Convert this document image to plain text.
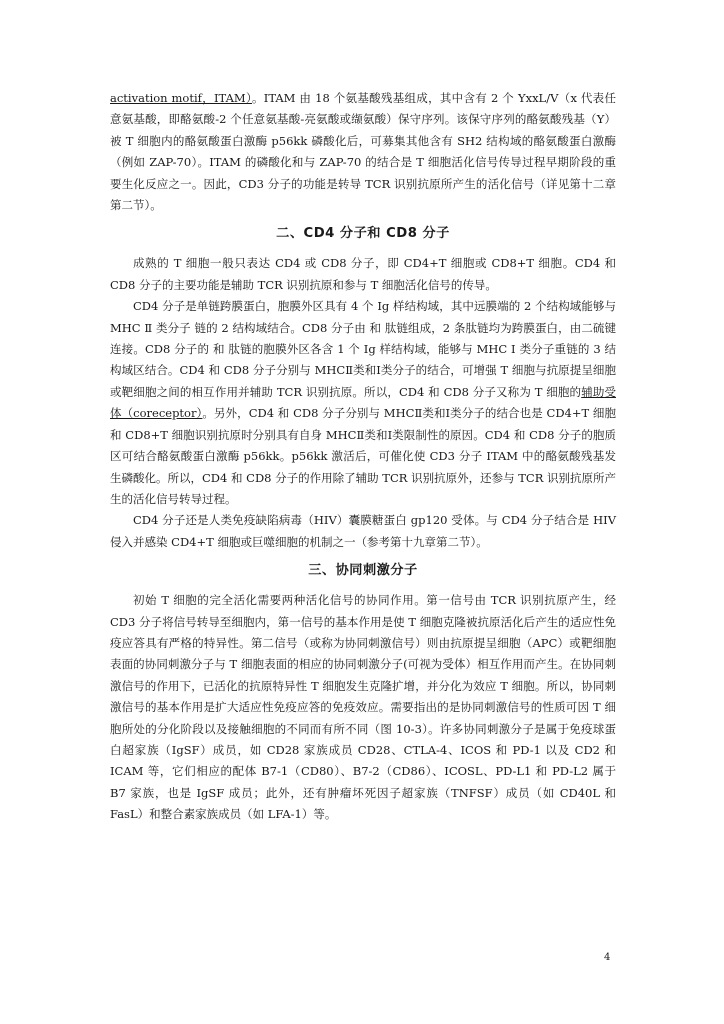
activation motif，ITAM）。ITAM 由 18 个氨基酸残基组成，其中含有 2 个 YxxL/V（x 代表任意氨基酸，即酪氨酸-2 个任意氨基酸-亮氨酸或缬氨酸）保守序列。该保守序列的酪氨酸残基（Y）被 T 细胞内的酪氨酸蛋白激酶 p56kk 磷酸化后，可募集其他含有 SH2 结构域的酪氨酸蛋白激酶（例如 ZAP-70）。ITAM 的磷酸化和与 ZAP-70 的结合是 T 细胞活化信号传导过程早期阶段的重要生化反应之一。因此，CD3 分子的功能是转导 TCR 识别抗原所产生的活化信号（详见第十二章第二节）。

二、CD4 分子和 CD8 分子

成熟的 T 细胞一般只表达 CD4 或 CD8 分子，即 CD4+T 细胞或 CD8+T 细胞。CD4 和 CD8 分子的主要功能是辅助 TCR 识别抗原和参与 T 细胞活化信号的传导。

CD4 分子是单链跨膜蛋白，胞膜外区具有 4 个 Ig 样结构域，其中远膜端的 2 个结构域能够与 MHC Ⅱ 类分子 链的 2 结构域结合。CD8 分子由 和 肽链组成，2 条肽链均为跨膜蛋白，由二硫键连接。CD8 分子的 和 肽链的胞膜外区各含 1 个 Ig 样结构域，能够与 MHC Ⅰ 类分子重链的 3 结构域区结合。CD4 和 CD8 分子分别与 MHCⅡ类和Ⅰ类分子的结合，可增强 T 细胞与抗原提呈细胞或靶细胞之间的相互作用并辅助 TCR 识别抗原。所以，CD4 和 CD8 分子又称为 T 细胞的辅助受体（coreceptor）。另外，CD4 和 CD8 分子分别与 MHCⅡ类和Ⅰ类分子的结合也是 CD4+T 细胞和 CD8+T 细胞识别抗原时分别具有自身 MHCⅡ类和Ⅰ类限制性的原因。CD4 和 CD8 分子的胞质区可结合酪氨酸蛋白激酶 p56kk。p56kk 激活后，可催化使 CD3 分子 ITAM 中的酪氨酸残基发生磷酸化。所以，CD4 和 CD8 分子的作用除了辅助 TCR 识别抗原外，还参与 TCR 识别抗原所产生的活化信号转导过程。

CD4 分子还是人类免疫缺陷病毒（HIV）囊膜糖蛋白 gp120 受体。与 CD4 分子结合是 HIV 侵入并感染 CD4+T 细胞或巨噬细胞的机制之一（参考第十九章第二节）。

三、协同刺激分子

初始 T 细胞的完全活化需要两种活化信号的协同作用。第一信号由 TCR 识别抗原产生，经 CD3 分子将信号转导至细胞内，第一信号的基本作用是使 T 细胞克隆被抗原活化后产生的适应性免疫应答具有严格的特异性。第二信号（或称为协同刺激信号）则由抗原提呈细胞（APC）或靶细胞表面的协同刺激分子与 T 细胞表面的相应的协同刺激分子(可视为受体）相互作用而产生。在协同刺激信号的作用下，已活化的抗原特异性 T 细胞发生克隆扩增，并分化为效应 T 细胞。所以，协同刺激信号的基本作用是扩大适应性免疫应答的免疫效应。需要指出的是协同刺激信号的性质可因 T 细胞所处的分化阶段以及接触细胞的不同而有所不同（图 10-3）。许多协同刺激分子是属于免疫球蛋白超家族（IgSF）成员，如 CD28 家族成员 CD28、CTLA-4、ICOS 和 PD-1 以及 CD2 和 ICAM 等，它们相应的配体 B7-1（CD80）、B7-2（CD86）、ICOSL、PD-L1 和 PD-L2 属于 B7 家族，也是 IgSF 成员；此外，还有肿瘤坏死因子超家族（TNFSF）成员（如 CD40L 和 FasL）和整合素家族成员（如 LFA-1）等。

4
